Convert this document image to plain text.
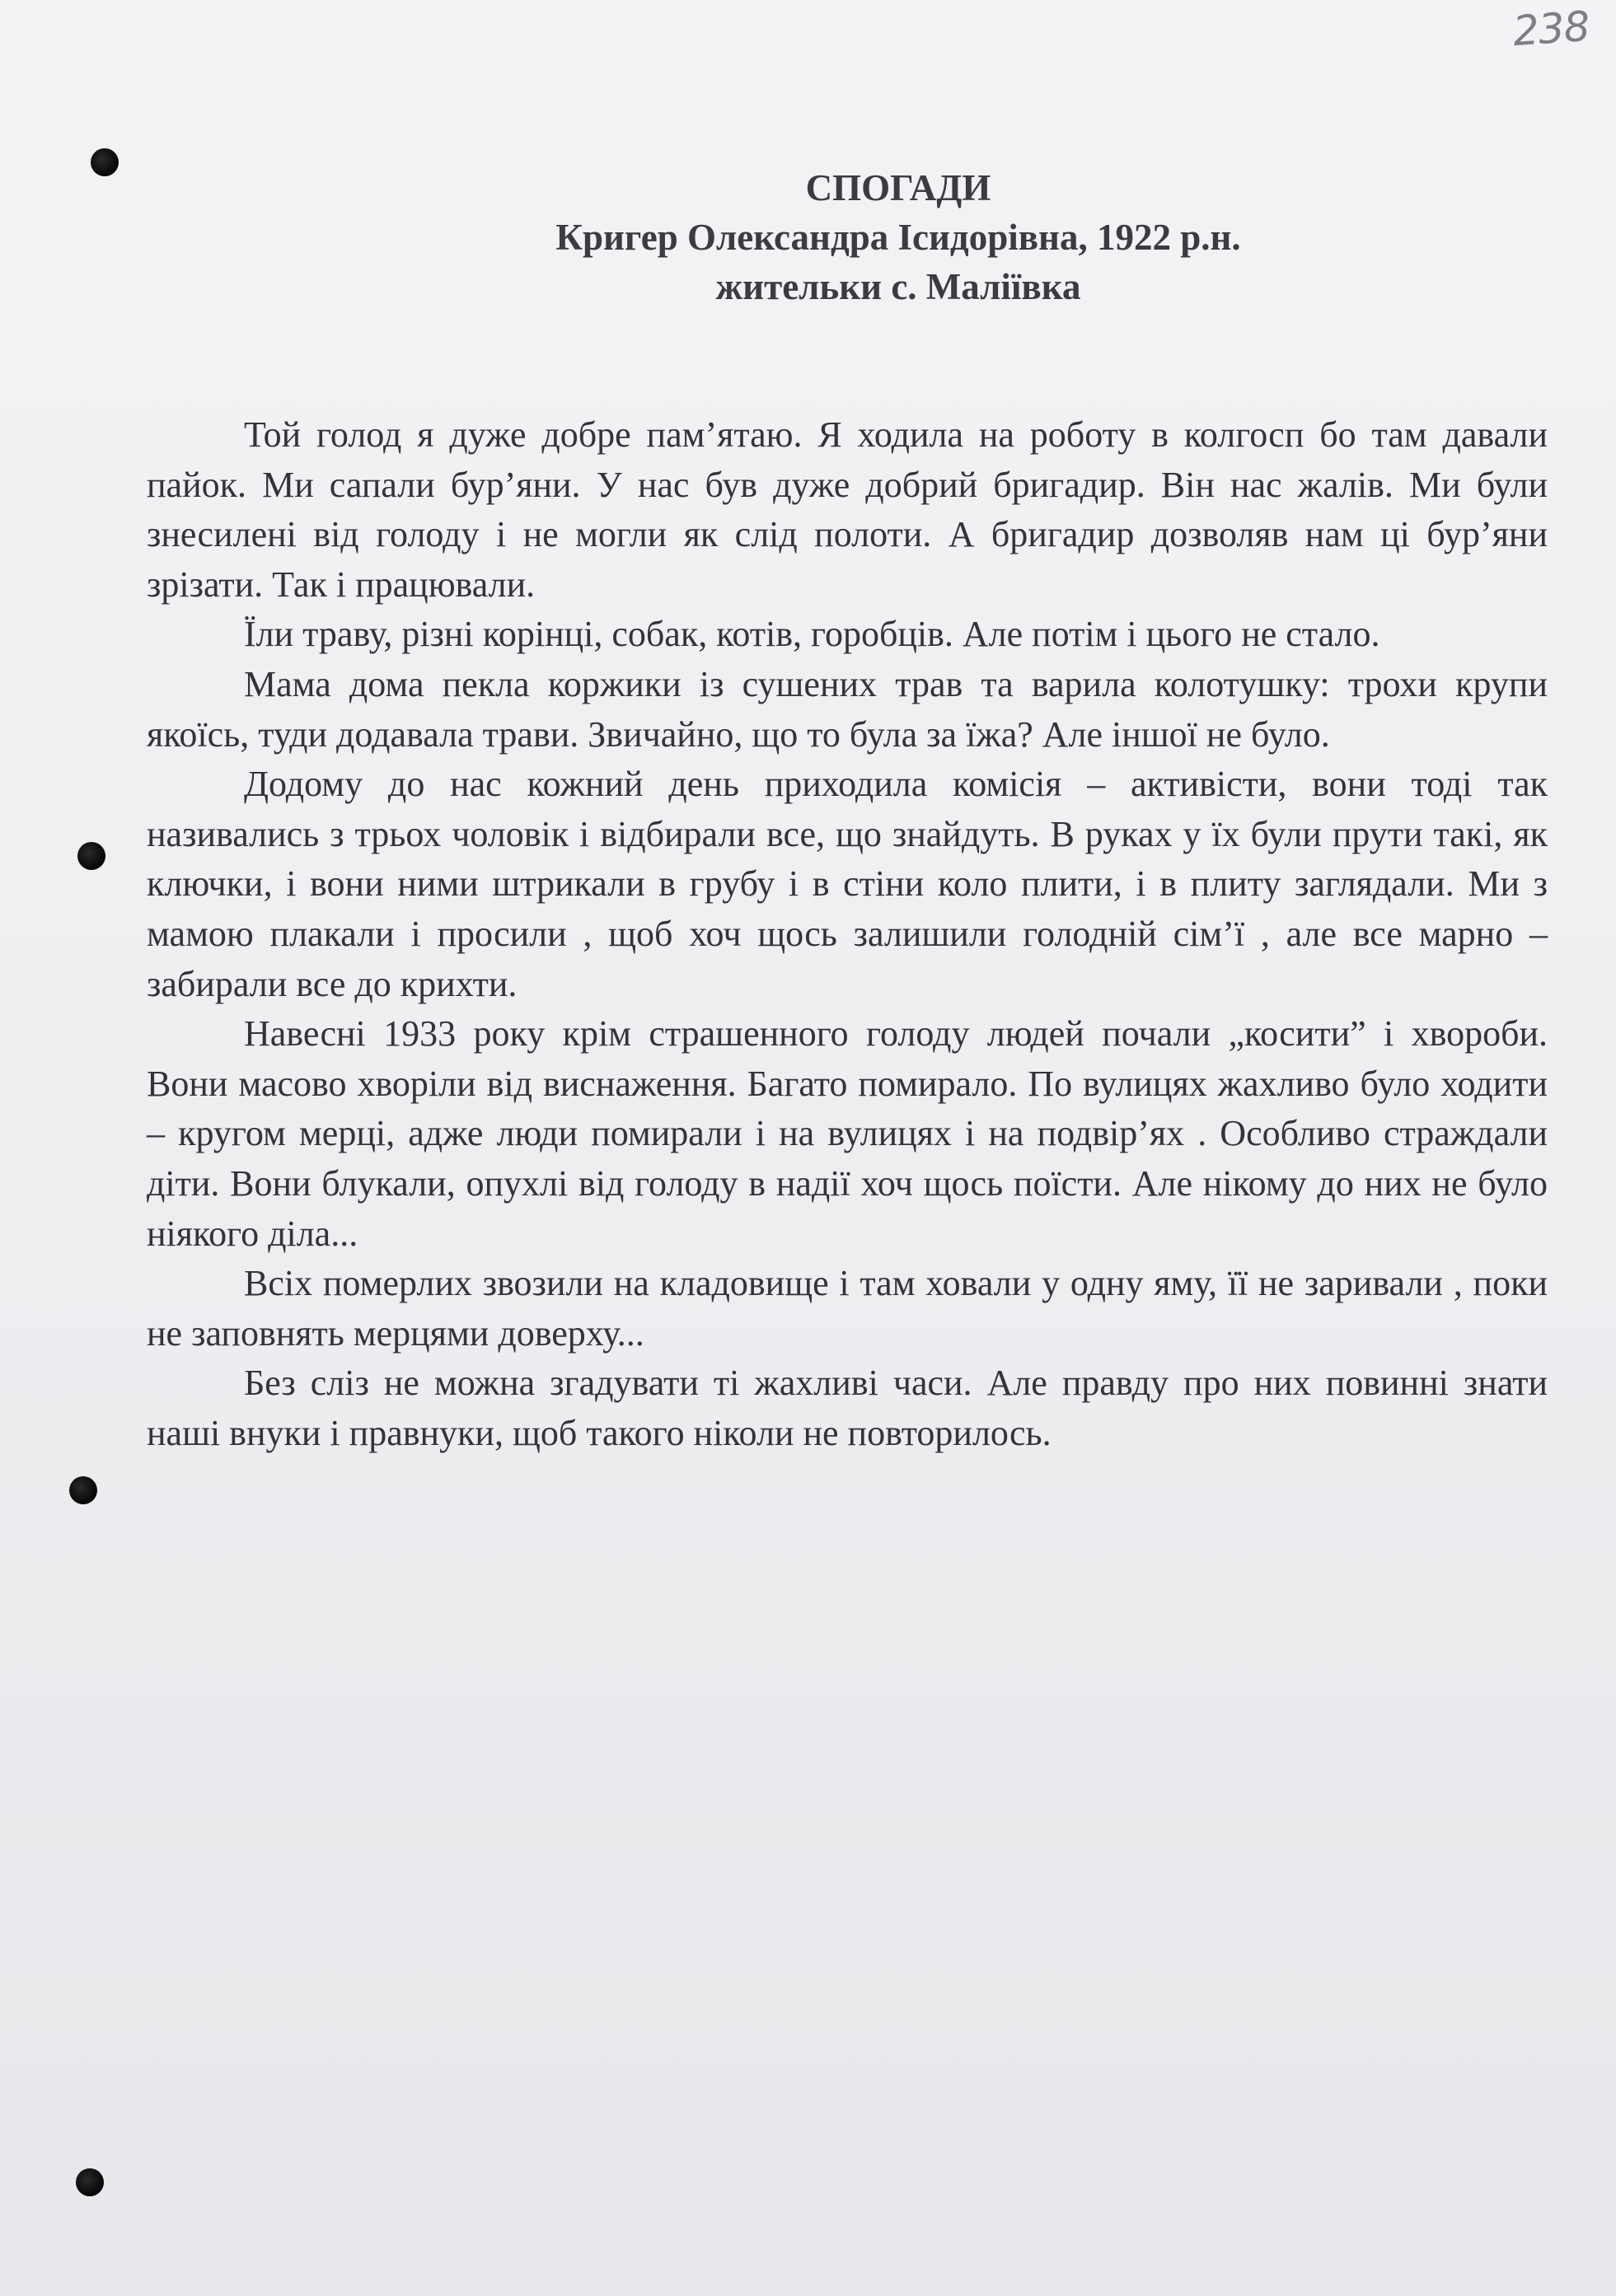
238
СПОГАДИ
Кригер Олександра Ісидорівна, 1922 р.н.
жительки с. Маліївка

Той голод я дуже добре пам’ятаю. Я ходила на роботу в колгосп бо там давали пайок. Ми сапали бур’яни. У нас був дуже добрий бригадир. Він нас жалів. Ми були знесилені від голоду і не могли як слід полоти. А бригадир дозволяв нам ці бур’яни зрізати. Так і працювали.

Їли траву, різні корінці, собак, котів, горобців. Але потім і цього не стало.

Мама дома пекла коржики із сушених трав та варила колотушку: трохи крупи якоїсь, туди додавала трави. Звичайно, що то була за їжа? Але іншої не було.

Додому до нас кожний день приходила комісія – активісти, вони тоді так називались з трьох чоловік і відбирали все, що знайдуть. В руках у їх були прути такі, як ключки, і вони ними штрикали в грубу і в стіни коло плити, і в плиту заглядали. Ми з мамою плакали і просили , щоб хоч щось залишили голодній сім’ї , але все марно – забирали все до крихти.

Навесні 1933 року крім страшенного голоду людей почали „косити” і хвороби. Вони масово хворіли від виснаження. Багато помирало. По вулицях жахливо було ходити – кругом мерці, адже люди помирали і на вулицях і на подвір’ях . Особливо страждали діти. Вони блукали, опухлі від голоду в надії хоч щось поїсти. Але нікому до них не було ніякого діла...

Всіх померлих звозили на кладовище і там ховали у одну яму, її не заривали , поки не заповнять мерцями доверху...

Без сліз не можна згадувати ті жахливі часи. Але правду про них повинні знати наші внуки і правнуки, щоб такого ніколи не повторилось.
